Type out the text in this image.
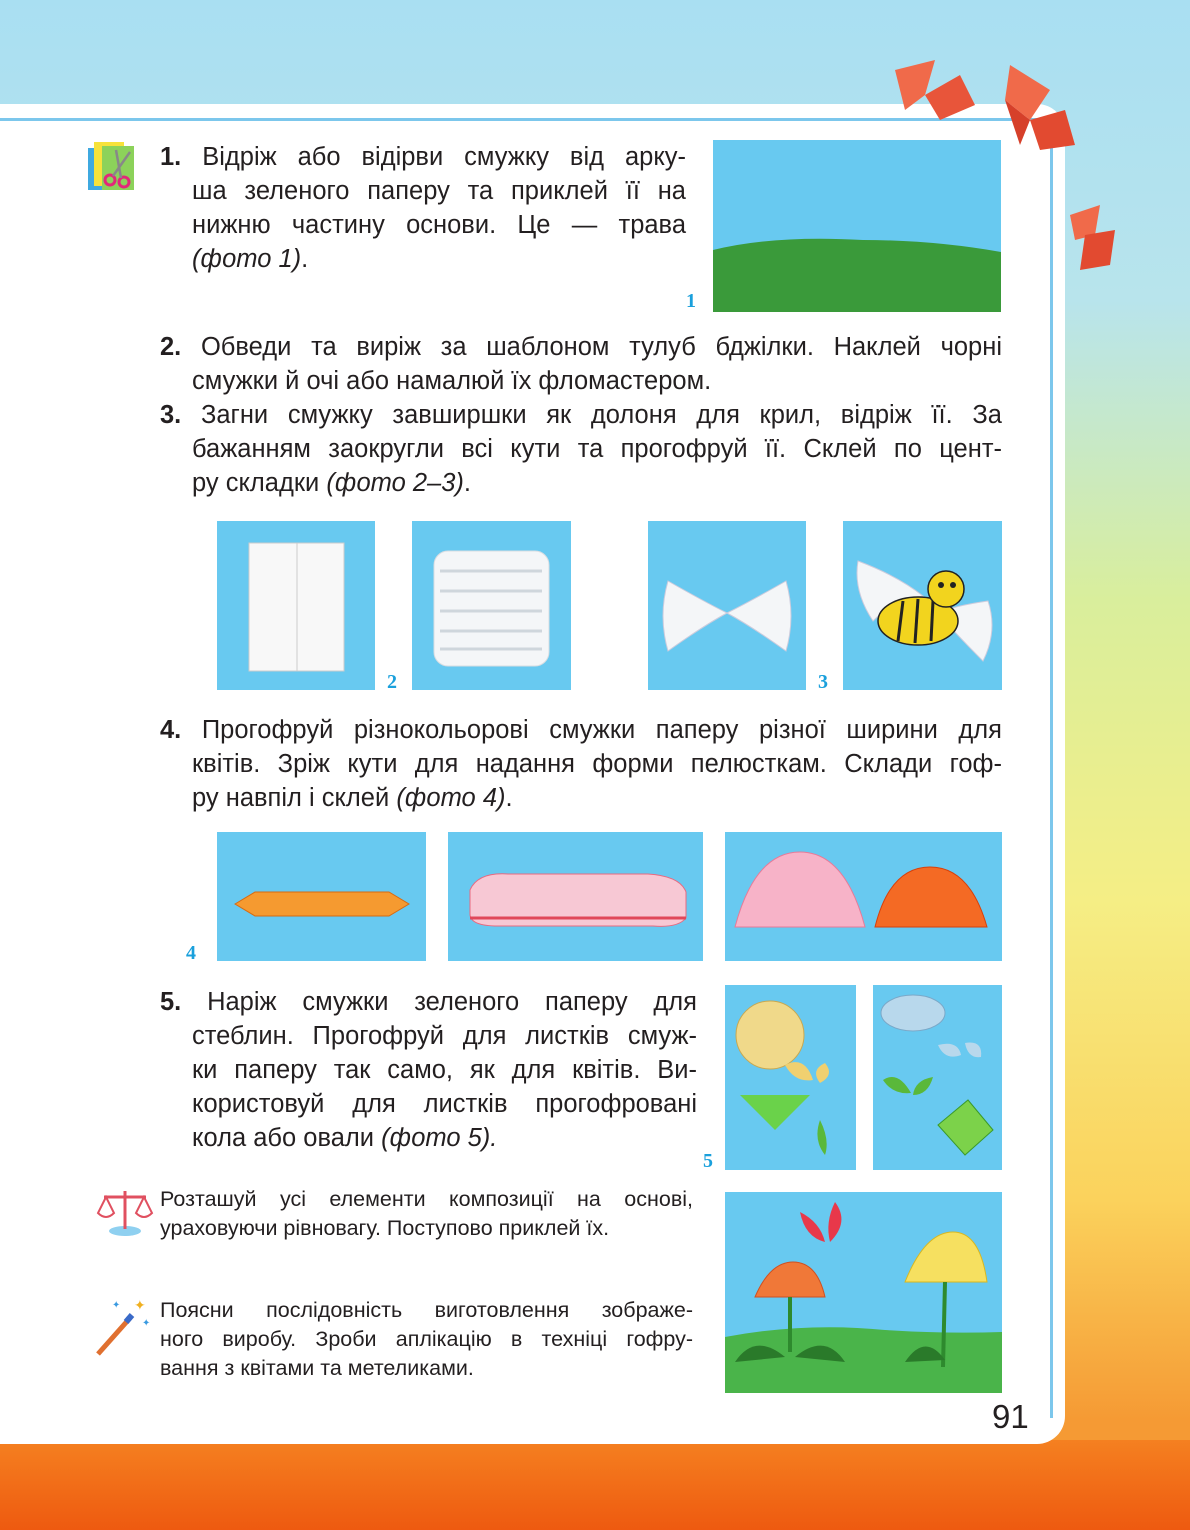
1. Відріж або відірви смужку від арку-
ша зеленого паперу та приклей її на
нижню частину основи. Це — трава
(фото 1).
1
2. Обведи та виріж за шаблоном тулуб бджілки. Наклей чорні
смужки й очі або намалюй їх фломастером.
3. Загни смужку завширшки як долоня для крил, відріж її. За
бажанням заокругли всі кути та прогофруй її. Склей по цент-
ру складки (фото 2–3).
2	3
4. Прогофруй різнокольорові смужки паперу різної ширини для
квітів. Зріж кути для надання форми пелюсткам. Склади гоф-
ру навпіл і склей (фото 4).
4
5. Наріж смужки зеленого паперу для
стеблин. Прогофруй для листків смуж-
ки паперу так само, як для квітів. Ви-
користовуй для листків прогофровані
кола або овали (фото 5).
5
Розташуй усі елементи композиції на основі,
ураховуючи рівновагу. Поступово приклей їх.
✦
✦
✦
Поясни послідовність виготовлення зображе-
ного виробу. Зроби аплікацію в техніці гофру-
вання з квітами та метеликами.
91
